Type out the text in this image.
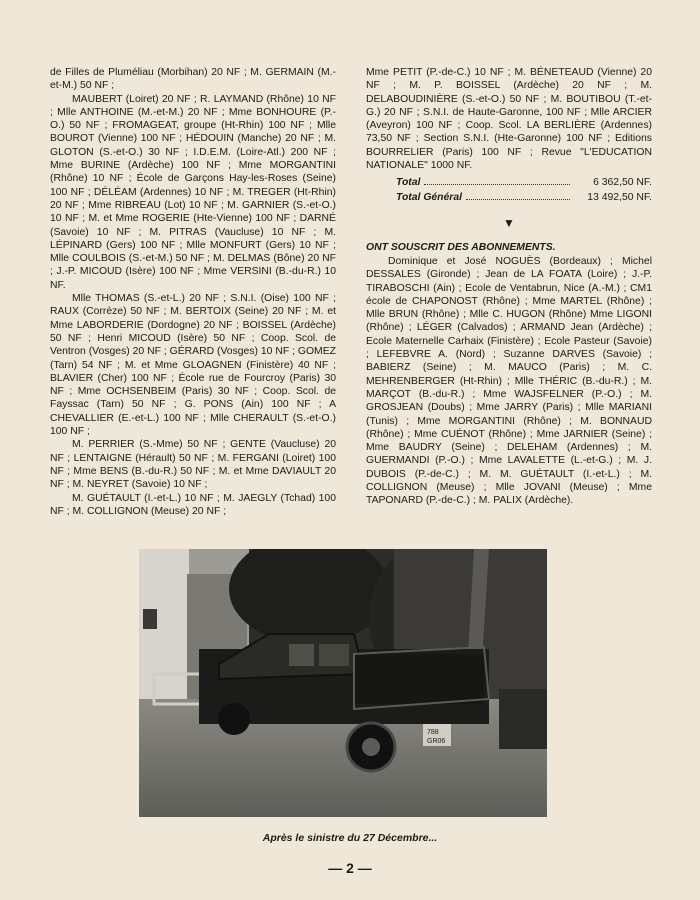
de Filles de Pluméliau (Morbihan) 20 NF ; M. GERMAIN (M.-et-M.) 50 NF ;

MAUBERT (Loiret) 20 NF ; R. LAYMAND (Rhône) 10 NF ; Mlle ANTHOINE (M.-et-M.) 20 NF ; Mme BONHOURE (P.-O.) 50 NF ; FROMAGEAT, groupe (Ht-Rhin) 100 NF ; Mlle BOUROT (Vienne) 100 NF ; HÉDOUIN (Manche) 20 NF ; M. GLOTON (S.-et-O.) 30 NF ; I.D.E.M. (Loire-Atl.) 200 NF ; Mme BURINE (Ardèche) 100 NF ; Mme MORGANTINI (Rhône) 10 NF ; École de Garçons Hay-les-Roses (Seine) 100 NF ; DÉLÉAM (Ardennes) 10 NF ; M. TREGER (Ht-Rhin) 20 NF ; Mme RIBREAU (Lot) 10 NF ; M. GARNIER (S.-et-O.) 10 NF ; M. et Mme ROGERIE (Hte-Vienne) 100 NF ; DARNÉ (Savoie) 10 NF ; M. PITRAS (Vaucluse) 10 NF ; M. LÉPINARD (Gers) 100 NF ; Mlle MONFURT (Gers) 10 NF ; Mlle COULBOIS (S.-et-M.) 50 NF ; M. DELMAS (Bône) 20 NF ; J.-P. MICOUD (Isère) 100 NF ; Mme VERSINI (B.-du-R.) 10 NF.

Mlle THOMAS (S.-et-L.) 20 NF ; S.N.I. (Oise) 100 NF ; RAUX (Corrèze) 50 NF ; M. BERTOIX (Seine) 20 NF ; M. et Mme LABORDERIE (Dordogne) 20 NF ; BOISSEL (Ardèche) 50 NF ; Henri MICOUD (Isère) 50 NF ; Coop. Scol. de Ventron (Vosges) 20 NF ; GÉRARD (Vosges) 10 NF ; GOMEZ (Tarn) 54 NF ; M. et Mme GLOAGNEN (Finistère) 40 NF ; BLAVIER (Cher) 100 NF ; École rue de Fourcroy (Paris) 30 NF ; Mme OCHSENBEIM (Paris) 30 NF ; Coop. Scol. de Fayssac (Tarn) 50 NF ; G. PONS (Ain) 100 NF ; A CHEVALLIER (E.-et-L.) 100 NF ; Mlle CHERAULT (S.-et-O.) 100 NF ;

M. PERRIER (S.-Mme) 50 NF ; GENTE (Vaucluse) 20 NF ; LENTAIGNE (Hérault) 50 NF ; M. FERGANI (Loiret) 100 NF ; Mme BENS (B.-du-R.) 50 NF ; M. et Mme DAVIAULT 20 NF ; M. NEYRET (Savoie) 10 NF ;

M. GUÉTAULT (I.-et-L.) 10 NF ; M. JAEGLY (Tchad) 100 NF ; M. COLLIGNON (Meuse) 20 NF ;

Mme PETIT (P.-de-C.) 10 NF ; M. BÉNETEAUD (Vienne) 20 NF ; M. P. BOISSEL (Ardèche) 20 NF ; M. DELABOUDINIÈRE (S.-et-O.) 50 NF ; M. BOUTIBOU (T.-et-G.) 20 NF ; S.N.I. de Haute-Garonne, 100 NF ; Mlle ARCIER (Aveyron) 100 NF ; Coop. Scol. LA BERLIÈRE (Ardennes) 73,50 NF ; Section S.N.I. (Hte-Garonne) 100 NF ; Editions BOURRELIER (Paris) 100 NF ; Revue "L'EDUCATION NATIONALE" 1000 NF.

Total	6 362,50 NF.
Total Général	13 492,50 NF.
▼
ONT SOUSCRIT DES ABONNEMENTS.

Dominique et José NOGUÈS (Bordeaux) ; Michel DESSALES (Gironde) ; Jean de LA FOATA (Loire) ; J.-P. TIRABOSCHI (Ain) ; Ecole de Ventabrun, Nice (A.-M.) ; CM1 école de CHAPONOST (Rhône) ; Mme MARTEL (Rhône) ; Mlle BRUN (Rhône) ; Mlle C. HUGON (Rhône) Mme LIGONI (Rhône) ; LÉGER (Calvados) ; ARMAND Jean (Ardèche) ; Ecole Maternelle Carhaix (Finistère) ; Ecole Pasteur (Savoie) ; LEFEBVRE A. (Nord) ; Suzanne DARVES (Savoie) ; BABIERZ (Seine) ; M. MAUCO (Paris) ; M. C. MEHRENBERGER (Ht-Rhin) ; Mlle THÉRIC (B.-du-R.) ; M. MARÇOT (B.-du-R.) ; Mme WAJSFELNER (P.-O.) ; M. GROSJEAN (Doubs) ; Mme JARRY (Paris) ; Mlle MARIANI (Tunis) ; Mme MORGANTINI (Rhône) ; M. BONNAUD (Rhône) ; Mme CUÉNOT (Rhône) ; Mme JARNIER (Seine) ; Mme BAUDRY (Seine) ; DELEHAM (Ardennes) ; M. GUERMANDI (P.-O.) ; Mme LAVALETTE (L.-et-G.) ; M. J. DUBOIS (P.-de-C.) ; M. M. GUÉTAULT (I.-et-L.) ; M. COLLIGNON (Meuse) ; Mlle JOVANI (Meuse) ; Mme TAPONARD (P.-de-C.) ; M. PALIX (Ardèche).

788
GR06
Après le sinistre du 27 Décembre...
— 2 —
